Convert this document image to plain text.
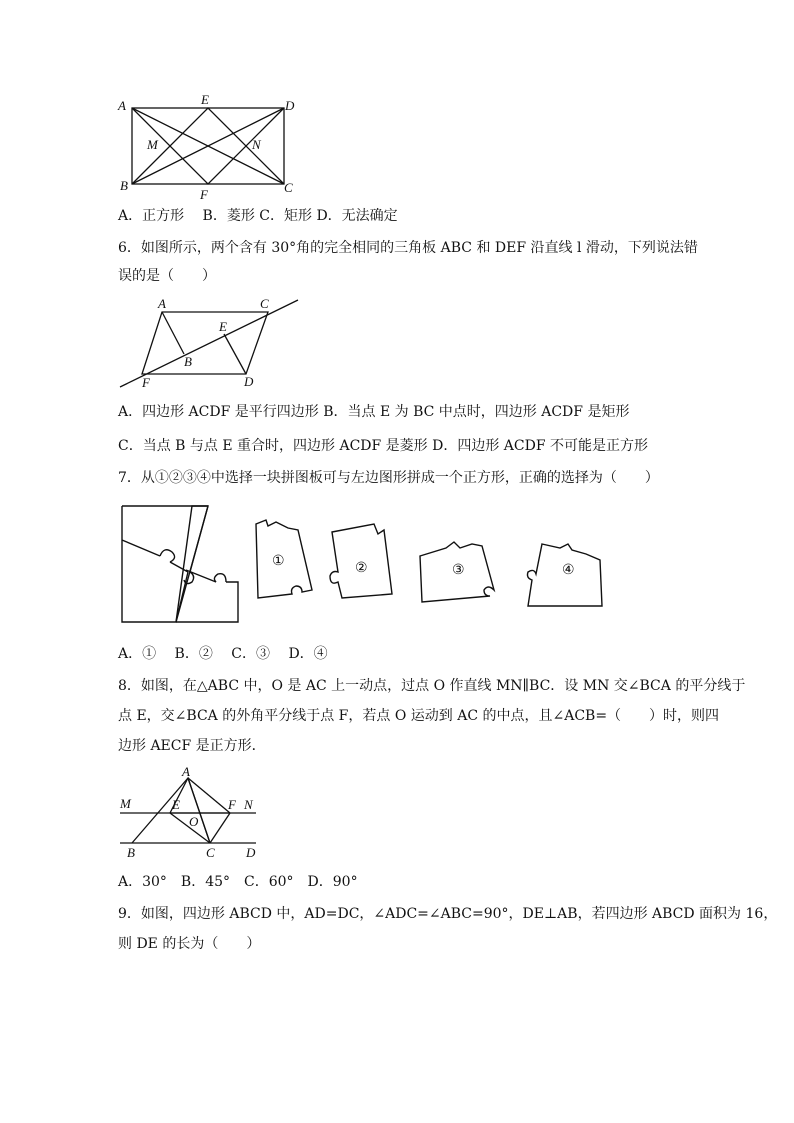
A	E	D
M	N
B
F	C
A．正方形　 B．菱形 C．矩形 D．无法确定
6．如图所示，两个含有 30°角的完全相同的三角板 ABC 和 DEF 沿直线 l 滑动，下列说法错
误的是（　　）
A	C
E
B
F	D
A．四边形 ACDF 是平行四边形 B．当点 E 为 BC 中点时，四边形 ACDF 是矩形
C．当点 B 与点 E 重合时，四边形 ACDF 是菱形 D．四边形 ACDF 不可能是正方形
7．从①②③④中选择一块拼图板可与左边图形拼成一个正方形，正确的选择为（　　）
①	②	③	④
A．①　 B．②　 C．③　 D．④
8．如图，在△ABC 中，O 是 AC 上一动点，过点 O 作直线 MN∥BC．设 MN 交∠BCA 的平分线于
点 E，交∠BCA 的外角平分线于点 F，若点 O 运动到 AC 的中点，且∠ACB=（　　）时，则四
边形 AECF 是正方形．
A
M	E	F N
O
B	C D
A．30°　B．45°　C．60°　D．90°
9．如图，四边形 ABCD 中，AD=DC，∠ADC=∠ABC=90°，DE⊥AB，若四边形 ABCD 面积为 16，
则 DE 的长为（　　）
